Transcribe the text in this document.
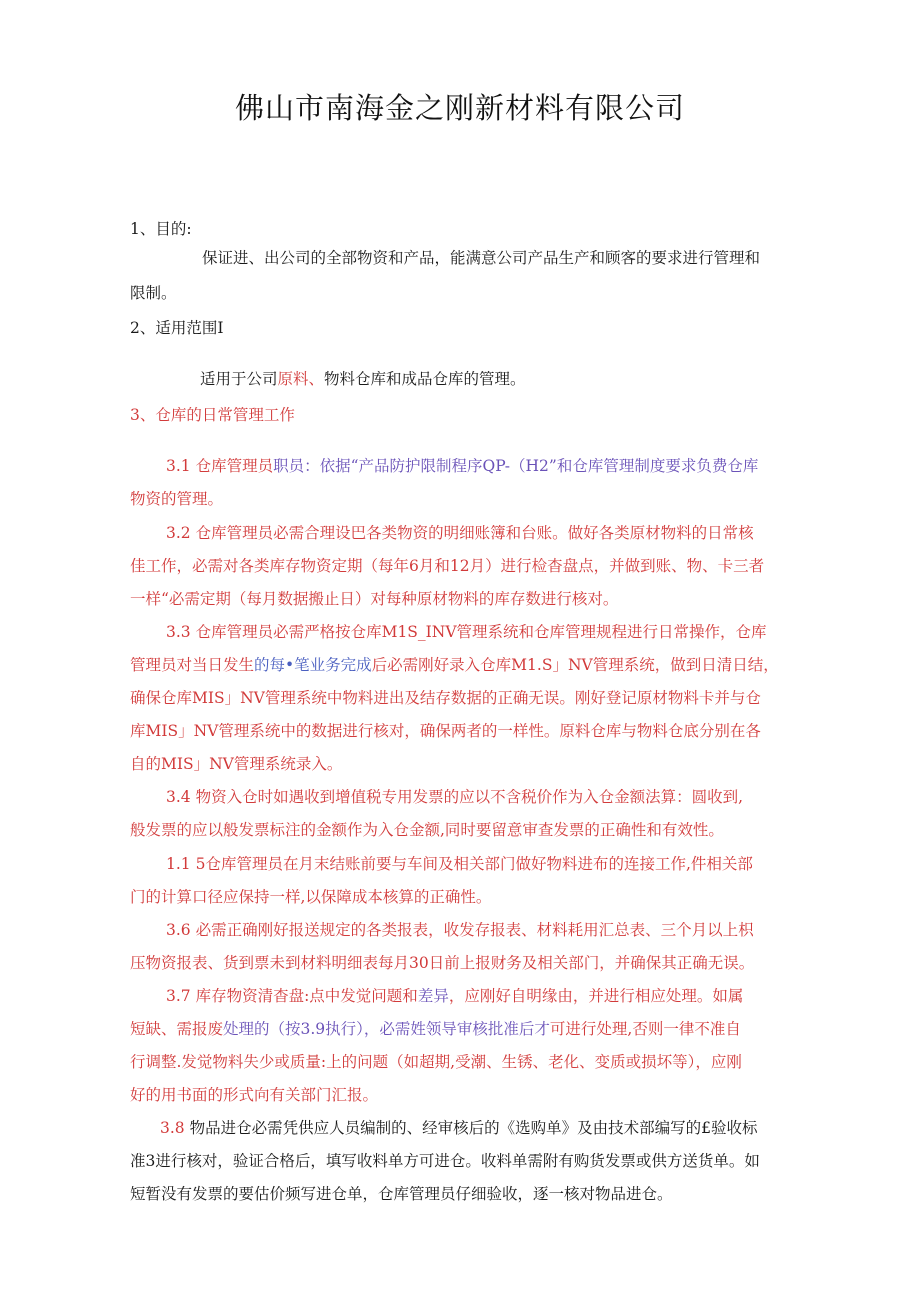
佛山市南海金之刚新材料有限公司
1、目的:
保证进、出公司的全部物资和产品，能满意公司产品生产和顾客的要求进行管理和
限制。
2、适用范围I
适用于公司原料、物料仓库和成品仓库的管理。
3、仓库的日常管理工作
3.1 仓库管理员职员：依据“产品防护限制程序QP-（H2”和仓库管理制度要求负费仓库
物资的管理。
3.2 仓库管理员必需合理设巴各类物资的明细账簿和台账。做好各类原材物料的日常核
佳工作，必需对各类库存物资定期（每年6月和12月）进行检杳盘点，并做到账、物、卡三者
一样“必需定期（每月数据搬止日）对每种原材物料的库存数进行核对。
3.3 仓库管理员必需严格按仓库M1S_INV管理系统和仓库管理规程进行日常操作，仓库
管理员对当日发生的每•笔业务完成后必需刚好录入仓库M1.S」NV管理系统，做到日清日结，
确保仓库MIS」NV管理系统中物料进出及结存数据的正确无误。刚好登记原材物料卡并与仓
库MIS」NV管理系统中的数据进行核对，确保两者的一样性。原料仓库与物料仓底分别在各
自的MIS」NV管理系统录入。
3.4 物资入仓时如遇收到增值税专用发票的应以不含税价作为入仓金额法算：圆收到,
般发票的应以般发票标注的金额作为入仓金额,同时要留意审查发票的正确性和有效性。
1.1 5仓库管理员在月末结账前要与车间及相关部门做好物料进布的连接工作,件相关部
门的计算口径应保持一样,以保障成本核算的正确性。
3.6 必需正确刚好报送规定的各类报表，收发存报表、材料耗用汇总表、三个月以上枳
压物资报表、货到票未到材料明细表每月30日前上报财务及相关部门，并确保其正确无误。
3.7 库存物资清杳盘:点中发觉问题和差异，应刚好自明缘由，并进行相应处理。如属
短缺、需报废处理的（按3.9执行），必需姓领导审核批准后才可进行处理,否则一律不准自
行调整.发觉物料失少或质量:上的问题（如超期,受潮、生锈、老化、变质或损坏等），应刚
好的用书面的形式向有关部门汇报。
3.8 物品进仓必需凭供应人员编制的、经审核后的《选购单》及由技术部编写的£验收标
准3进行核对，验证合格后，填写收料单方可进仓。收料单需附有购货发票或供方送货单。如
短暂没有发票的要估价频写进仓单，仓库管理员仔细验收，逐一核对物品进仓。
